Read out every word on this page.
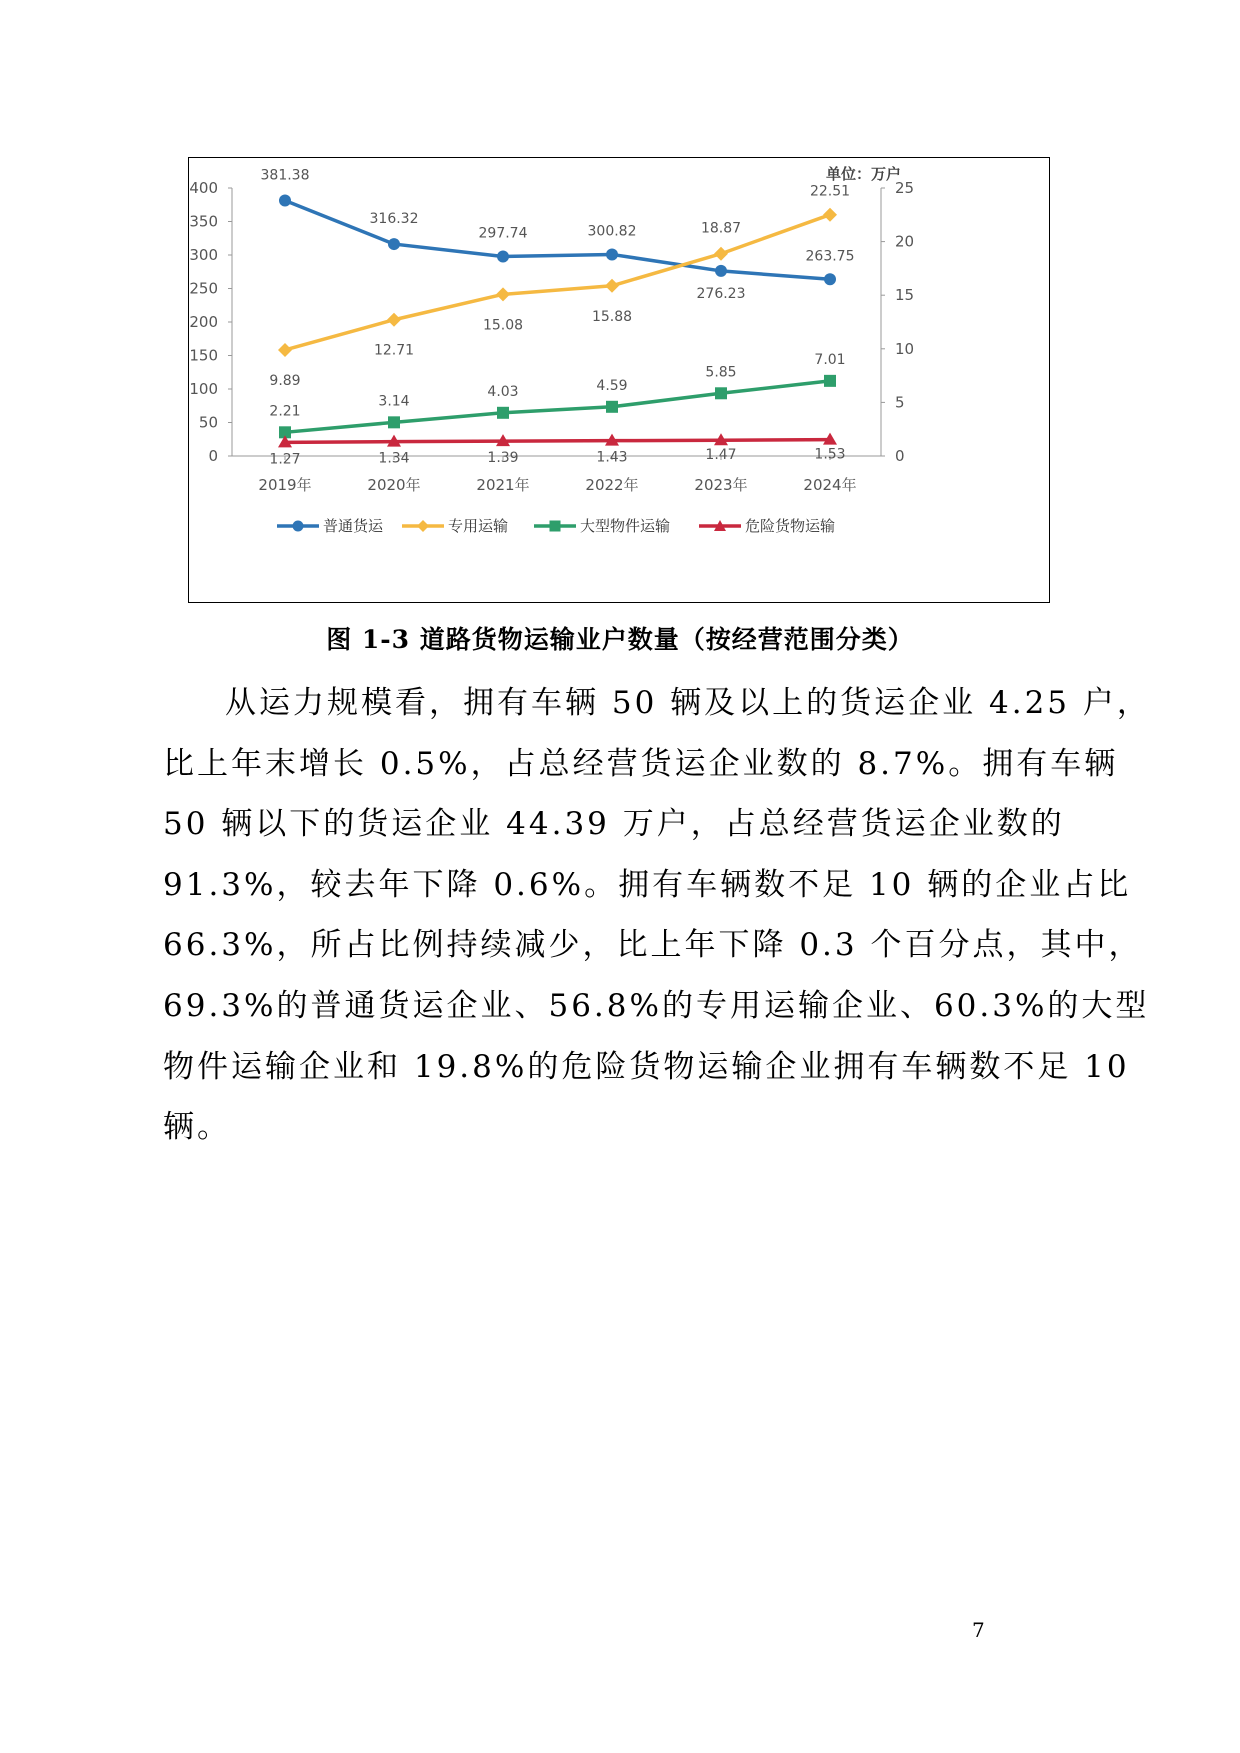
0
50
100
150
200
250
300
350
400
0
5
10
15
20
25
2019年	2020年	2021年	2022年	2023年	2024年
单位：万户
381.38
316.32
297.74	300.82
276.23
263.75
9.89
12.71
15.08
15.88
18.87
22.51
2.21
3.14
4.03	4.59
5.85
7.01
1.27	1.34	1.39	1.43	1.47	1.53
普通货运	专用运输	大型物件运输	危险货物运输
图 1-3 道路货物运输业户数量（按经营范围分类）
从运力规模看，拥有车辆 50 辆及以上的货运企业 4.25 户，
比上年末增长 0.5%，占总经营货运企业数的 8.7%。拥有车辆
50 辆以下的货运企业 44.39 万户，占总经营货运企业数的
91.3%，较去年下降 0.6%。拥有车辆数不足 10 辆的企业占比
66.3%，所占比例持续减少，比上年下降 0.3 个百分点，其中，
69.3%的普通货运企业、56.8%的专用运输企业、60.3%的大型
物件运输企业和 19.8%的危险货物运输企业拥有车辆数不足 10
辆。
7
